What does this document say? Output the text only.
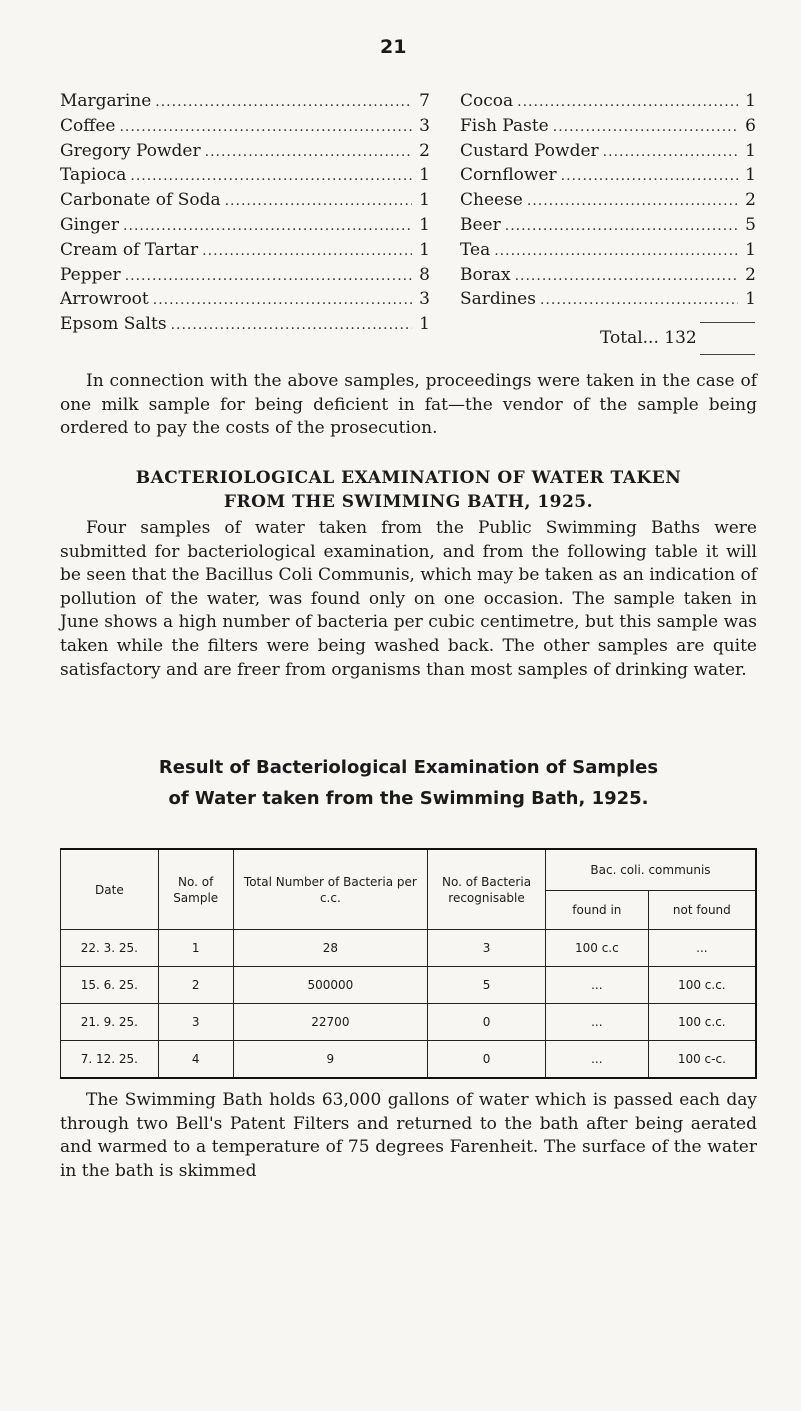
21
Margarine .....	7
Coffee .....	3
Gregory Powder .....	2
Tapioca .....	1
Carbonate of Soda .....	1
Ginger .....	1
Cream of Tartar .....	1
Pepper .....	8
Arrowroot .....	3
Epsom Salts .....	1
Cocoa .....	1
Fish Paste .....	6
Custard Powder .....	1
Cornflower .....	1
Cheese .....	2
Beer .....	5
Tea .....	1
Borax .....	2
Sardines .....	1
Total... 132

In connection with the above samples, proceedings were taken in the case of one milk sample for being deficient in fat—the vendor of the sample being ordered to pay the costs of the prosecution.

BACTERIOLOGICAL EXAMINATION OF WATER TAKEN
FROM THE SWIMMING BATH, 1925.

Four samples of water taken from the Public Swimming Baths were submitted for bacteriological examination, and from the following table it will be seen that the Bacillus Coli Communis, which may be taken as an indication of pollution of the water, was found only on one occasion. The sample taken in June shows a high number of bacteria per cubic centimetre, but this sample was taken while the filters were being washed back. The other samples are quite satisfactory and are freer from organisms than most samples of drinking water.

Result of Bacteriological Examination of Samples
of Water taken from the Swimming Bath, 1925.
Date	No. of Sample	Total Number of Bacteria per c.c.	No. of Bacteria recognisable	Bac. coli. communis	
				found in	not found
22. 3. 25.	1	28	3	100 c.c	...
15. 6. 25.	2	500000	5	...	100 c.c.
21. 9. 25.	3	22700	0	...	100 c.c.
7. 12. 25.	4	9	0	...	100 c-c.

The Swimming Bath holds 63,000 gallons of water which is passed each day through two Bell's Patent Filters and returned to the bath after being aerated and warmed to a temperature of 75 degrees Farenheit. The surface of the water in the bath is skimmed
